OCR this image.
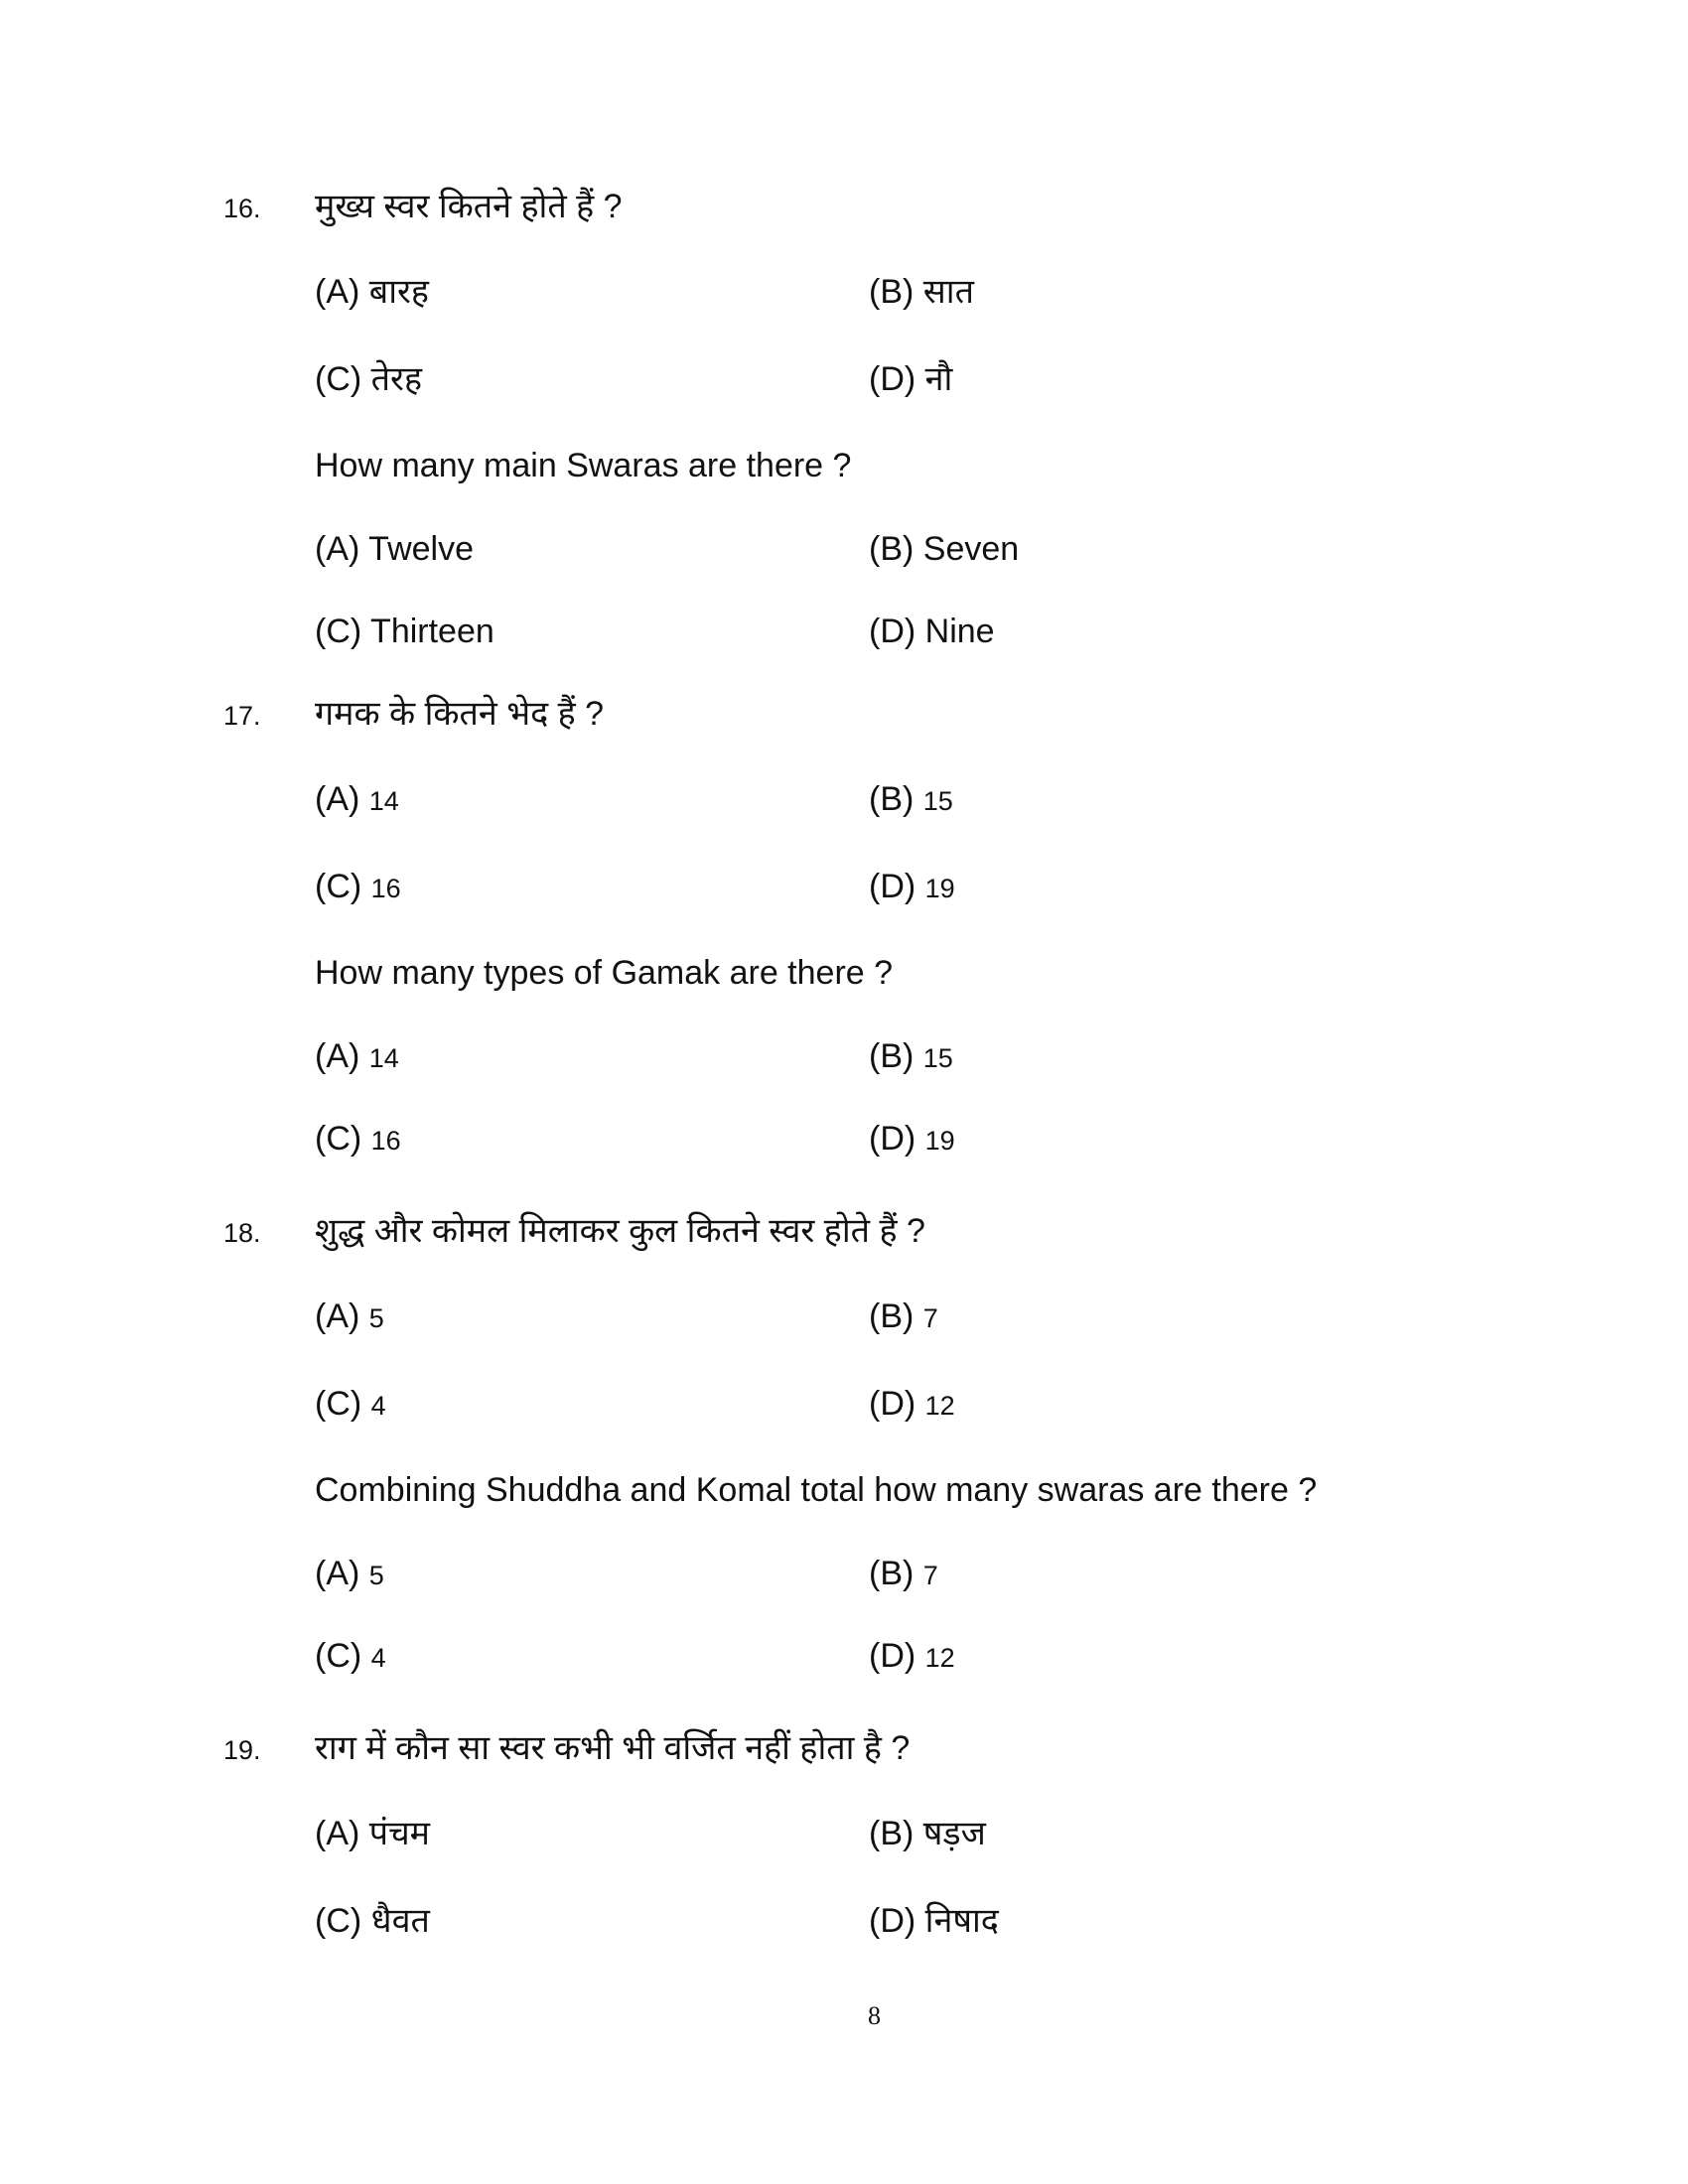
16. मुख्य स्वर कितने होते हैं ?
(A) बारह	(B) सात
(C) तेरह	(D) नौ
How many main Swaras are there ?
(A) Twelve	(B) Seven
(C) Thirteen	(D) Nine
17. गमक के कितने भेद हैं ?
(A) 14	(B) 15
(C) 16	(D) 19
How many types of Gamak are there ?
(A) 14	(B) 15
(C) 16	(D) 19
18. शुद्ध और कोमल मिलाकर कुल कितने स्वर होते हैं ?
(A) 5	(B) 7
(C) 4	(D) 12
Combining Shuddha and Komal total how many swaras are there ?
(A) 5	(B) 7
(C) 4	(D) 12
19. राग में कौन सा स्वर कभी भी वर्जित नहीं होता है ?
(A) पंचम	(B) षड़ज
(C) धैवत	(D) निषाद
8
